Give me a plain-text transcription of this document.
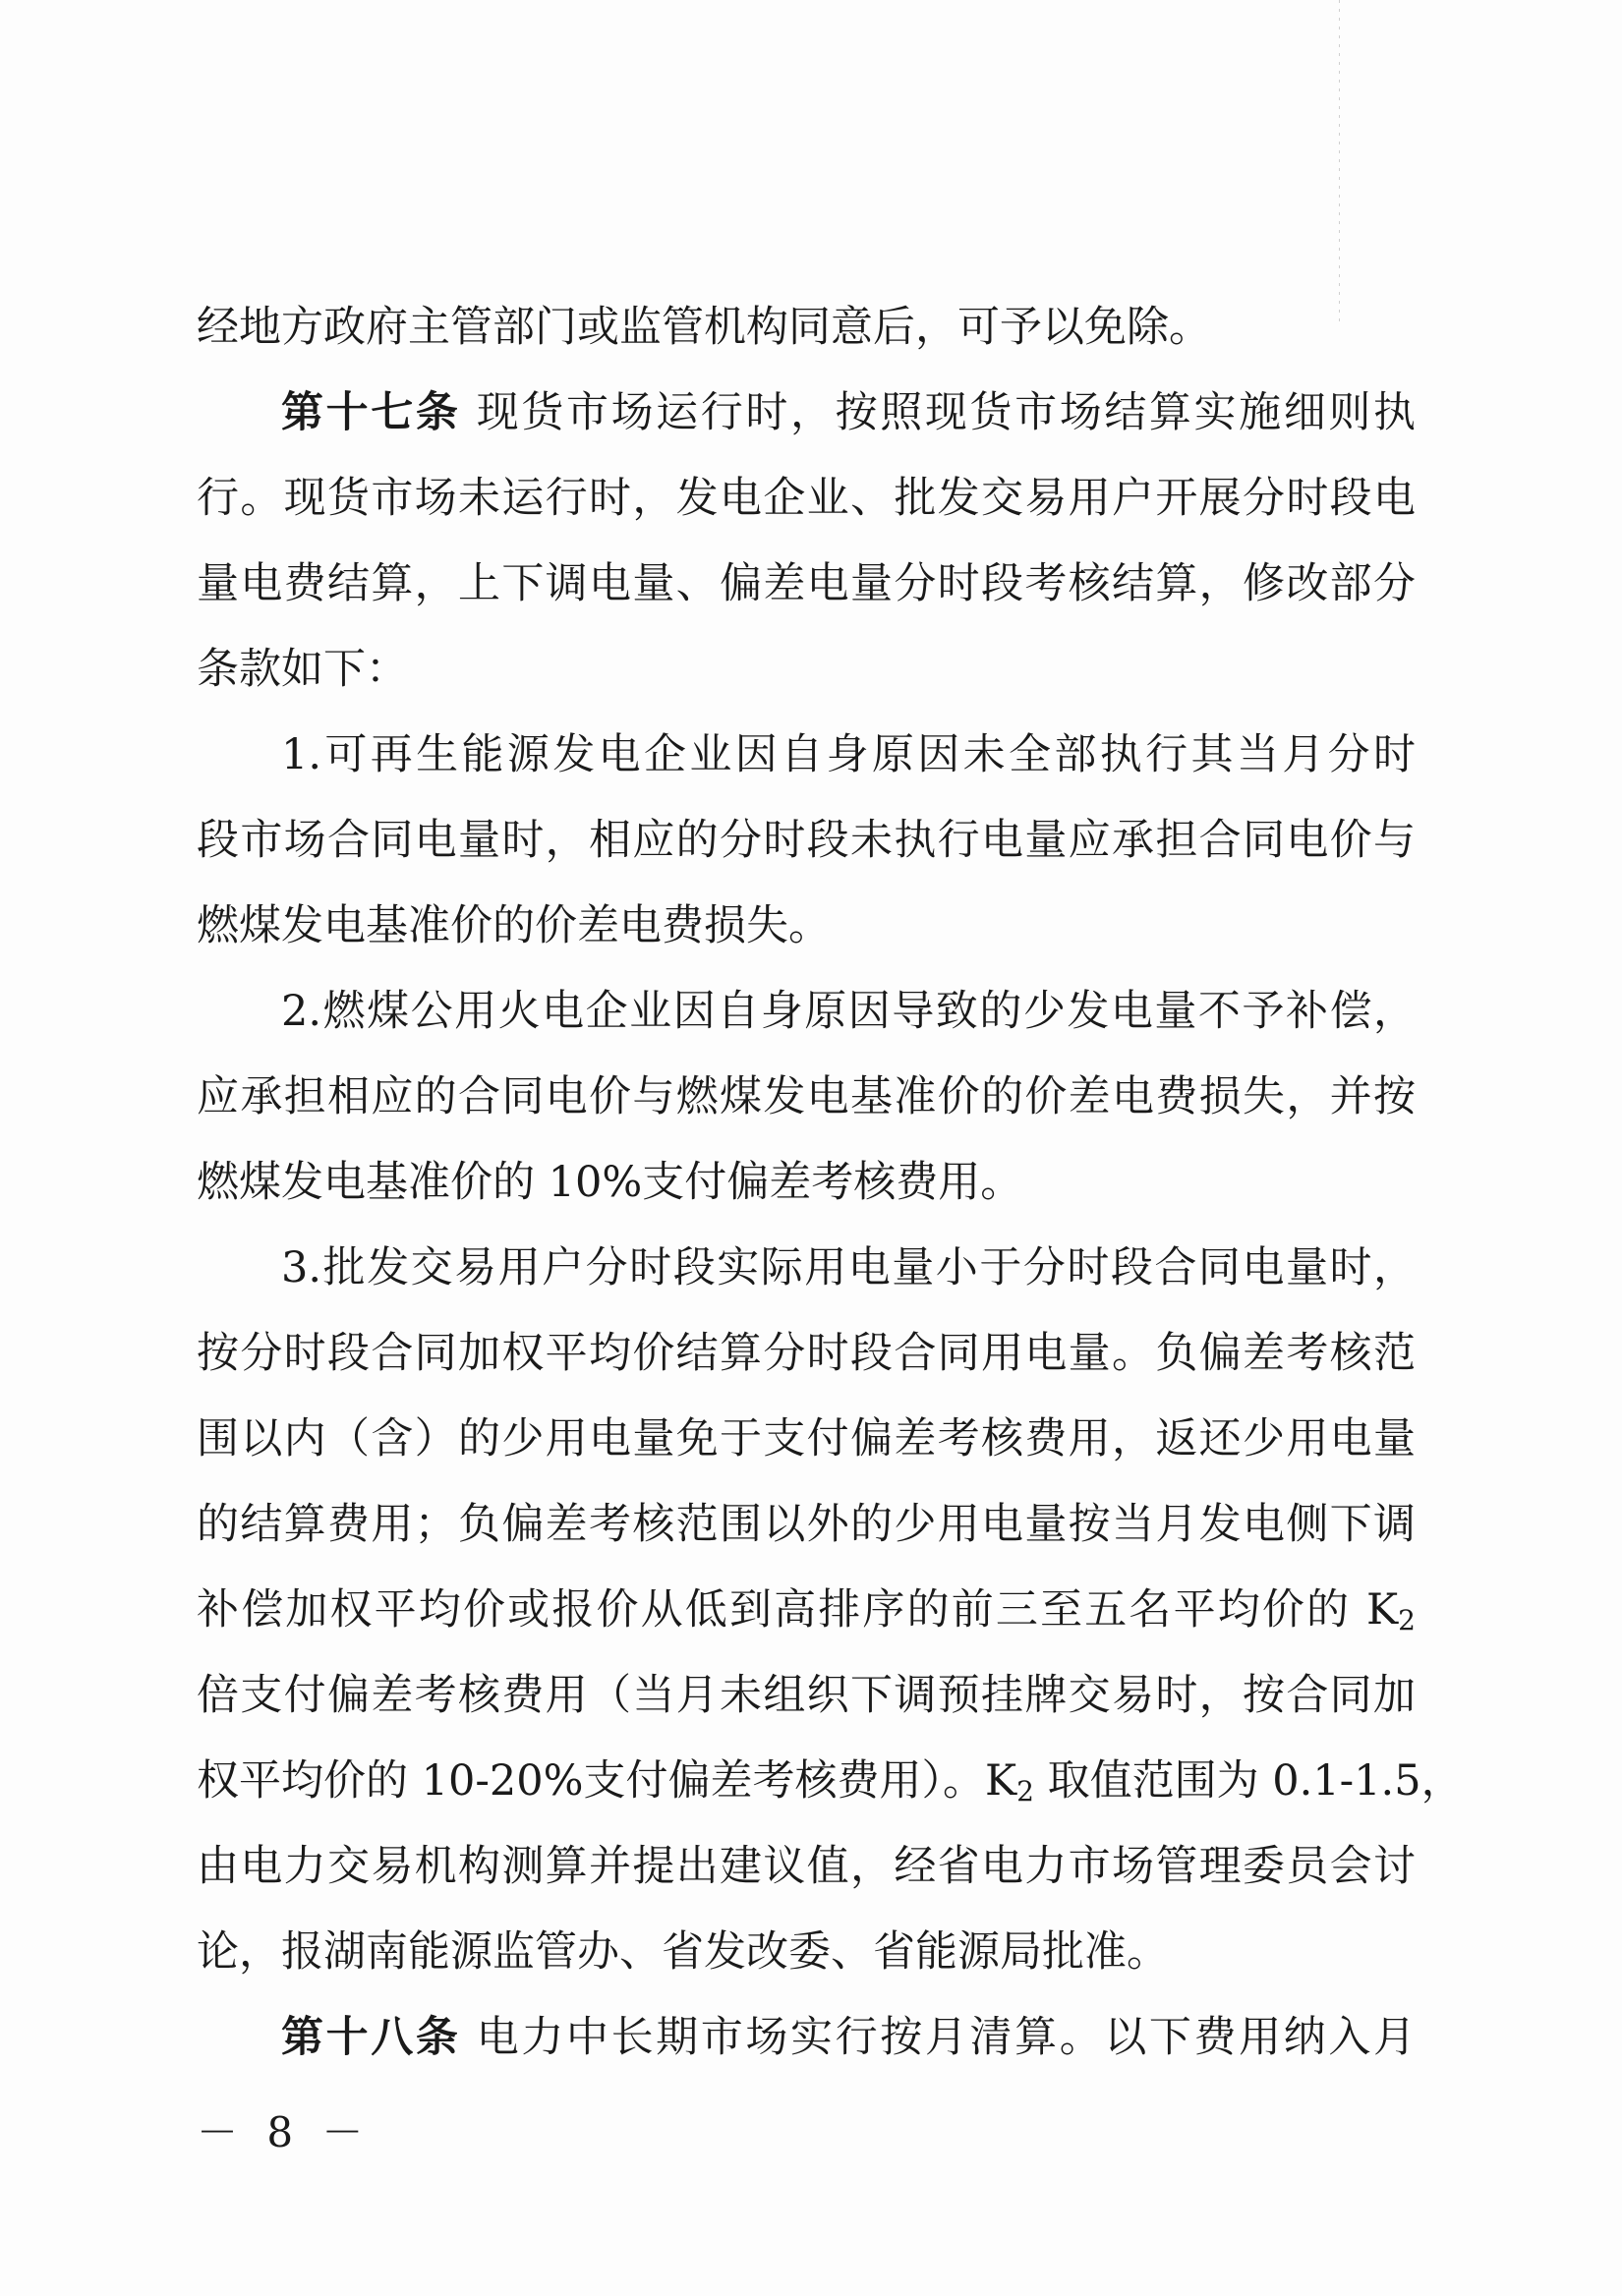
经地方政府主管部门或监管机构同意后，可予以免除。
第十七条 现货市场运行时，按照现货市场结算实施细则执
行。现货市场未运行时，发电企业、批发交易用户开展分时段电
量电费结算，上下调电量、偏差电量分时段考核结算，修改部分
条款如下：
1.可再生能源发电企业因自身原因未全部执行其当月分时
段市场合同电量时，相应的分时段未执行电量应承担合同电价与
燃煤发电基准价的价差电费损失。
2.燃煤公用火电企业因自身原因导致的少发电量不予补偿，
应承担相应的合同电价与燃煤发电基准价的价差电费损失，并按
燃煤发电基准价的 10%支付偏差考核费用。
3.批发交易用户分时段实际用电量小于分时段合同电量时，
按分时段合同加权平均价结算分时段合同用电量。负偏差考核范
围以内（含）的少用电量免于支付偏差考核费用，返还少用电量
的结算费用；负偏差考核范围以外的少用电量按当月发电侧下调
补偿加权平均价或报价从低到高排序的前三至五名平均价的 $K_2$
倍支付偏差考核费用（当月未组织下调预挂牌交易时，按合同加
权平均价的 10-20%支付偏差考核费用）。$K_2$ 取值范围为 0.1-1.5，
由电力交易机构测算并提出建议值，经省电力市场管理委员会讨
论，报湖南能源监管办、省发改委、省能源局批准。
第十八条 电力中长期市场实行按月清算。以下费用纳入月
－ 8 －
